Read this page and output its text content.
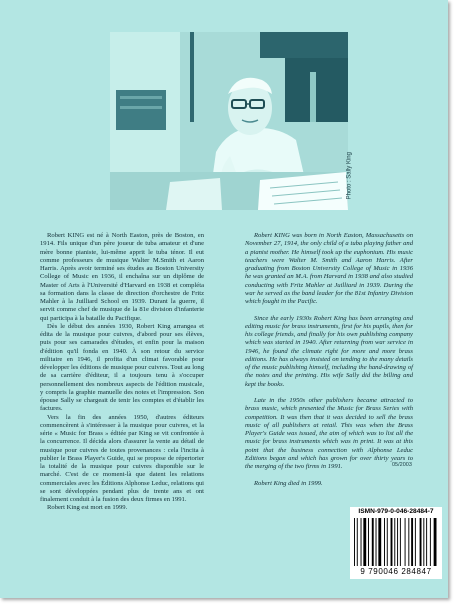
Photo : Sally King

Robert KING est né à North Easton, près de Boston, en 1914. Fils unique d'un père joueur de tuba amateur et d'une mère bonne pianiste, lui-même apprit le tuba ténor. Il eut comme professeurs de musique Walter M.Smith et Aaron Harris. Après avoir terminé ses études au Boston University College of Music en 1936, il enchaîna sur un diplôme de Master of Arts à l'Université d'Harvard en 1938 et compléta sa formation dans la classe de direction d'orchestre de Fritz Mahler à la Juilliard School en 1939. Durant la guerre, il servit comme chef de musique de la 81e division d'infanterie qui participa à la bataille du Pacifique.

Dès le début des années 1930, Robert King arrangea et édita de la musique pour cuivres, d'abord pour ses élèves, puis pour ses camarades d'études, et enfin pour la maison d'édition qu'il fonda en 1940. À son retour du service militaire en 1946, il profita d'un climat favorable pour développer les éditions de musique pour cuivres. Tout au long de sa carrière d'éditeur, il a toujours tenu à s'occuper personnellement des nombreux aspects de l'édition musicale, y compris la graphie manuelle des notes et l'impression. Son épouse Sally se chargeait de tenir les comptes et d'établir les factures.

Vers la fin des années 1950, d'autres éditeurs commencèrent à s'intéresser à la musique pour cuivres, et la série « Music for Brass » éditée par King se vit confrontée à la concurrence. Il décida alors d'assurer la vente au détail de musique pour cuivres de toutes provenances : cela l'incita à publier le Brass Player's Guide, qui se propose de répertorier la totalité de la musique pour cuivres disponible sur le marché. C'est de ce moment-là que datent les relations commerciales avec les Éditions Alphonse Leduc, relations qui se sont développées pendant plus de trente ans et ont finalement conduit à la fusion des deux firmes en 1991.

Robert King est mort en 1999.

Robert KING was born in North Easton, Massachusetts on November 27, 1914, the only child of a tuba playing father and a pianist mother. He himself took up the euphonium. His music teachers were Walter M. Smith and Aaron Harris. After graduating from Boston University College of Music in 1936 he was granted an M.A. from Harvard in 1938 and also studied conducting with Fritz Mahler at Juilliard in 1939. During the war he served as the band leader for the 81st Infantry Division which fought in the Pacific.

Since the early 1930s Robert King has been arranging and editing music for brass instruments, first for his pupils, then for his college friends, and finally for his own publishing company which was started in 1940. After returning from war service in 1946, he found the climate right for more and more brass editions. He has always insisted on tending to the many details of the music publishing himself, including the hand-drawing of the notes and the printing. His wife Sally did the billing and kept the books.

Late in the 1950s other publishers became attracted to brass music, which presented the Music for Brass Series with competition. It was then that it was decided to sell the brass music of all publishers at retail. This was when the Brass Player's Guide was issued, the aim of which was to list all the music for brass instruments which was in print. It was at this point that the business connection with Alphonse Leduc Editions began and which has grown for over thirty years to the merging of the two firms in 1991.

Robert King died in 1999.

05/2003
ISMN-979-0-046-28484-7
9 790046 284847
